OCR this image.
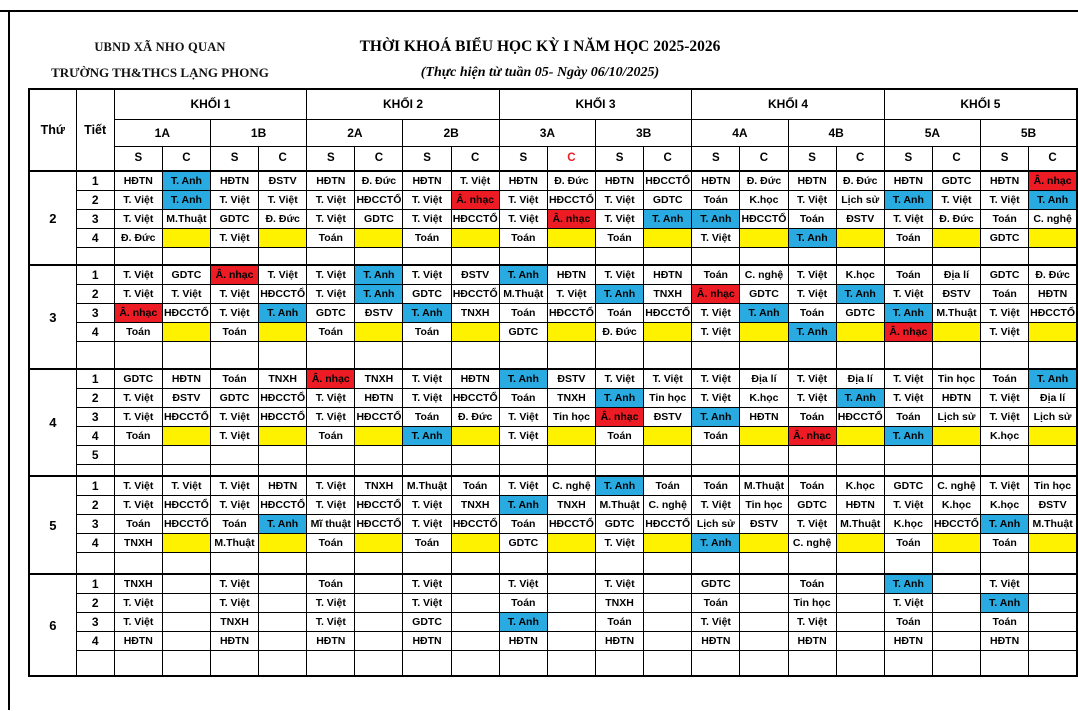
UBND XÃ NHO QUAN
TRƯỜNG TH&THCS LẠNG PHONG
THỜI KHOÁ BIỂU HỌC KỲ I NĂM HỌC 2025-2026
(Thực hiện từ tuần 05- Ngày 06/10/2025)
Thứ	Tiết	KHỐI 1				KHỐI 2				KHỐI 3				KHỐI 4				KHỐI 5			
		1A		1B		2A		2B		3A		3B		4A		4B		5A		5B	
		S	C	S	C	S	C	S	C	S	C	S	C	S	C	S	C	S	C	S	C
2	1	HĐTN	T. Anh	HĐTN	ĐSTV	HĐTN	Đ. Đức	HĐTN	T. Việt	HĐTN	Đ. Đức	HĐTN	HĐCCTỔ	HĐTN	Đ. Đức	HĐTN	Đ. Đức	HĐTN	GDTC	HĐTN	Â. nhạc
	2	T. Việt	T. Anh	T. Việt	T. Việt	T. Việt	HĐCCTỔ	T. Việt	Â. nhạc	T. Việt	HĐCCTỔ	T. Việt	GDTC	Toán	K.học	T. Việt	Lịch sử	T. Anh	T. Việt	T. Việt	T. Anh
	3	T. Việt	M.Thuật	GDTC	Đ. Đức	T. Việt	GDTC	T. Việt	HĐCCTỔ	T. Việt	Â. nhạc	T. Việt	T. Anh	T. Anh	HĐCCTỔ	Toán	ĐSTV	T. Việt	Đ. Đức	Toán	C. nghệ
	4	Đ. Đức		T. Việt		Toán		Toán		Toán		Toán		T. Việt		T. Anh		Toán		GDTC	

3	1	T. Việt	GDTC	Â. nhạc	T. Việt	T. Việt	T. Anh	T. Việt	ĐSTV	T. Anh	HĐTN	T. Việt	HĐTN	Toán	C. nghệ	T. Việt	K.học	Toán	Địa lí	GDTC	Đ. Đức
	2	T. Việt	T. Việt	T. Việt	HĐCCTỔ	T. Việt	T. Anh	GDTC	HĐCCTỔ	M.Thuật	T. Việt	T. Anh	TNXH	Â. nhạc	GDTC	T. Việt	T. Anh	T. Việt	ĐSTV	Toán	HĐTN
	3	Â. nhạc	HĐCCTỔ	T. Việt	T. Anh	GDTC	ĐSTV	T. Anh	TNXH	Toán	HĐCCTỔ	Toán	HĐCCTỔ	T. Việt	T. Anh	Toán	GDTC	T. Anh	M.Thuật	T. Việt	HĐCCTỔ
	4	Toán		Toán		Toán		Toán		GDTC		Đ. Đức		T. Việt		T. Anh		Â. nhạc		T. Việt	

4	1	GDTC	HĐTN	Toán	TNXH	Â. nhạc	TNXH	T. Việt	HĐTN	T. Anh	ĐSTV	T. Việt	T. Việt	T. Việt	Địa lí	T. Việt	Địa lí	T. Việt	Tin học	Toán	T. Anh
	2	T. Việt	ĐSTV	GDTC	HĐCCTỔ	T. Việt	HĐTN	T. Việt	HĐCCTỔ	Toán	TNXH	T. Anh	Tin học	T. Việt	K.học	T. Việt	T. Anh	T. Việt	HĐTN	T. Việt	Địa lí
	3	T. Việt	HĐCCTỔ	T. Việt	HĐCCTỔ	T. Việt	HĐCCTỔ	Toán	Đ. Đức	T. Việt	Tin học	Â. nhạc	ĐSTV	T. Anh	HĐTN	Toán	HĐCCTỔ	Toán	Lịch sử	T. Việt	Lịch sử
	4	Toán		T. Việt		Toán		T. Anh		T. Việt		Toán		Toán		Â. nhạc		T. Anh		K.học	
	5																				

5	1	T. Việt	T. Việt	T. Việt	HĐTN	T. Việt	TNXH	M.Thuật	Toán	T. Việt	C. nghệ	T. Anh	Toán	Toán	M.Thuật	Toán	K.học	GDTC	C. nghệ	T. Việt	Tin học
	2	T. Việt	HĐCCTỔ	T. Việt	HĐCCTỔ	T. Việt	HĐCCTỔ	T. Việt	TNXH	T. Anh	TNXH	M.Thuật	C. nghệ	T. Việt	Tin học	GDTC	HĐTN	T. Việt	K.học	K.học	ĐSTV
	3	Toán	HĐCCTỔ	Toán	T. Anh	Mĩ thuật	HĐCCTỔ	T. Việt	HĐCCTỔ	Toán	HĐCCTỔ	GDTC	HĐCCTỔ	Lịch sử	ĐSTV	T. Việt	M.Thuật	K.học	HĐCCTỔ	T. Anh	M.Thuật
	4	TNXH		M.Thuật		Toán		Toán		GDTC		T. Việt		T. Anh		C. nghệ		Toán		Toán	

6	1	TNXH		T. Việt		Toán		T. Việt		T. Việt		T. Việt		GDTC		Toán		T. Anh		T. Việt	
	2	T. Việt		T. Việt		T. Việt		T. Việt		Toán		TNXH		Toán		Tin học		T. Việt		T. Anh	
	3	T. Việt		TNXH		T. Việt		GDTC		T. Anh		Toán		T. Việt		T. Việt		Toán		Toán	
	4	HĐTN		HĐTN		HĐTN		HĐTN		HĐTN		HĐTN		HĐTN		HĐTN		HĐTN		HĐTN	
